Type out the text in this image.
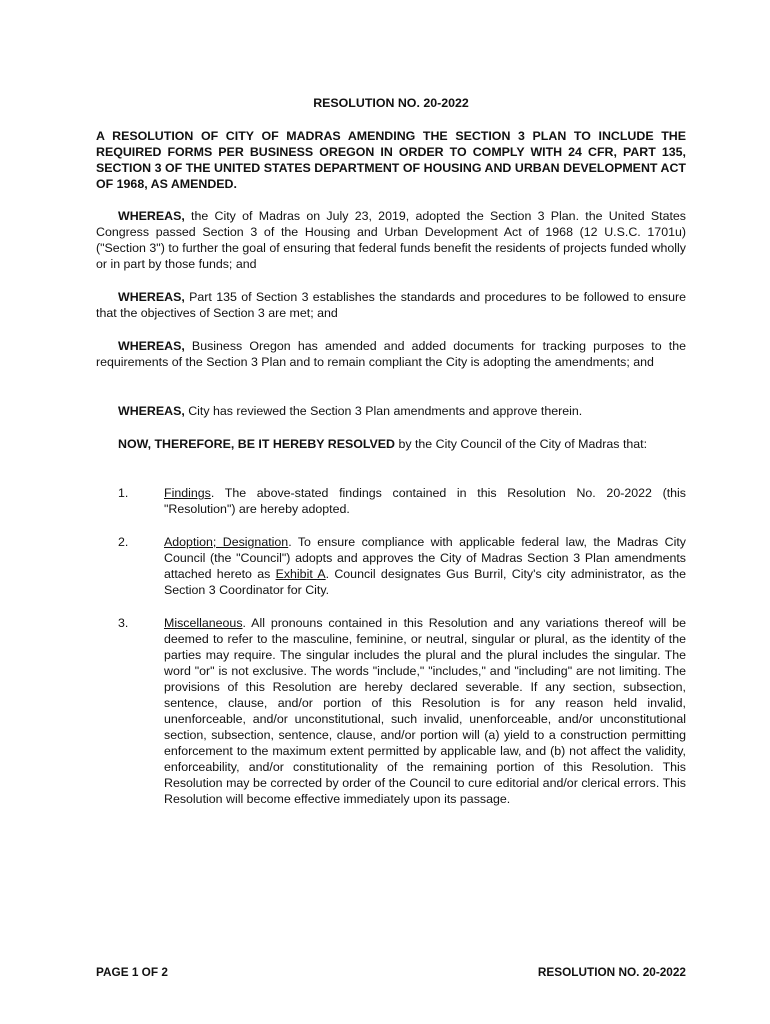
RESOLUTION NO. 20-2022

A RESOLUTION OF CITY OF MADRAS AMENDING THE SECTION 3 PLAN TO INCLUDE THE REQUIRED FORMS PER BUSINESS OREGON IN ORDER TO COMPLY WITH 24 CFR, PART 135, SECTION 3 OF THE UNITED STATES DEPARTMENT OF HOUSING AND URBAN DEVELOPMENT ACT OF 1968, AS AMENDED.

WHEREAS, the City of Madras on July 23, 2019, adopted the Section 3 Plan. the United States Congress passed Section 3 of the Housing and Urban Development Act of 1968 (12 U.S.C. 1701u) ("Section 3") to further the goal of ensuring that federal funds benefit the residents of projects funded wholly or in part by those funds; and

WHEREAS, Part 135 of Section 3 establishes the standards and procedures to be followed to ensure that the objectives of Section 3 are met; and

WHEREAS, Business Oregon has amended and added documents for tracking purposes to the requirements of the Section 3 Plan and to remain compliant the City is adopting the amendments; and

WHEREAS, City has reviewed the Section 3 Plan amendments and approve therein.

NOW, THEREFORE, BE IT HEREBY RESOLVED by the City Council of the City of Madras that:

1.	Findings. The above-stated findings contained in this Resolution No. 20-2022 (this "Resolution") are hereby adopted.
2.	Adoption; Designation. To ensure compliance with applicable federal law, the Madras City Council (the "Council") adopts and approves the City of Madras Section 3 Plan amendments attached hereto as Exhibit A. Council designates Gus Burril, City's city administrator, as the Section 3 Coordinator for City.
3.	Miscellaneous. All pronouns contained in this Resolution and any variations thereof will be deemed to refer to the masculine, feminine, or neutral, singular or plural, as the identity of the parties may require. The singular includes the plural and the plural includes the singular. The word "or" is not exclusive. The words "include," "includes," and "including" are not limiting. The provisions of this Resolution are hereby declared severable. If any section, subsection, sentence, clause, and/or portion of this Resolution is for any reason held invalid, unenforceable, and/or unconstitutional, such invalid, unenforceable, and/or unconstitutional section, subsection, sentence, clause, and/or portion will (a) yield to a construction permitting enforcement to the maximum extent permitted by applicable law, and (b) not affect the validity, enforceability, and/or constitutionality of the remaining portion of this Resolution. This Resolution may be corrected by order of the Council to cure editorial and/or clerical errors. This Resolution will become effective immediately upon its passage.
PAGE 1 OF 2	RESOLUTION NO. 20-2022
